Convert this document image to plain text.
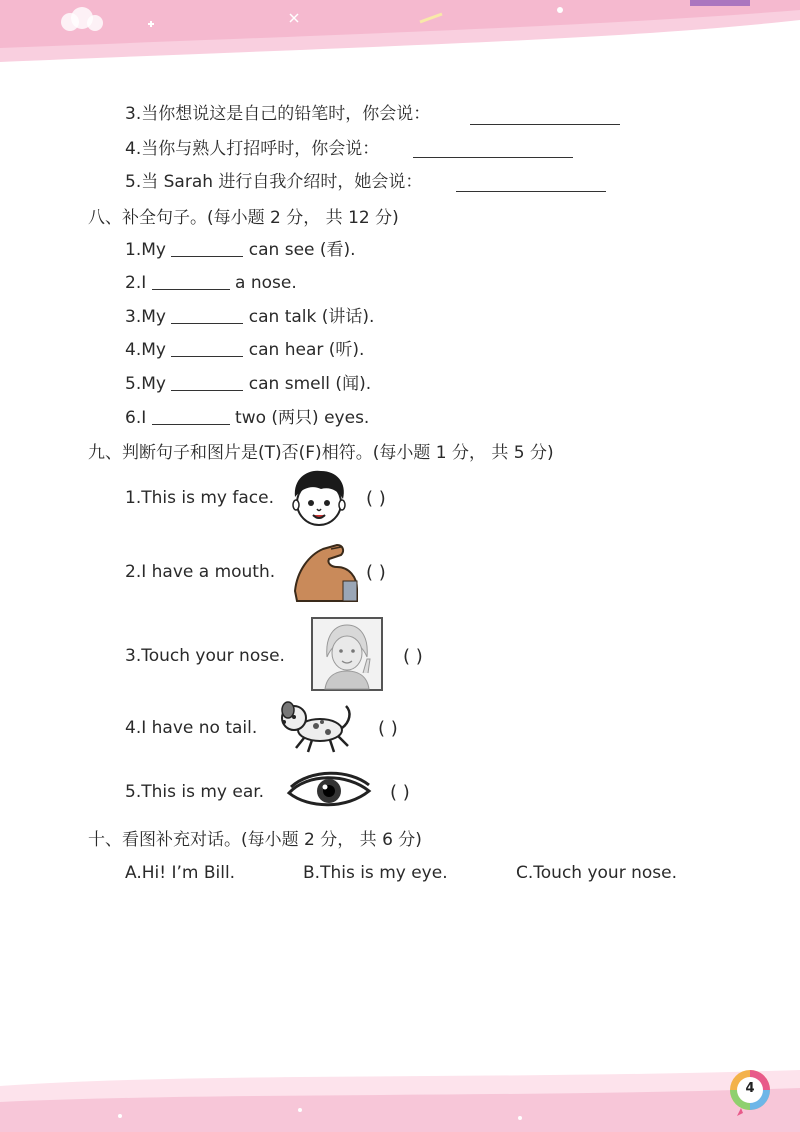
3.当你想说这是自己的铅笔时，你会说：
4.当你与熟人打招呼时，你会说：
5.当 Sarah 进行自我介绍时，她会说：
八、补全句子。(每小题 2 分， 共 12 分)
1.My	can see (看).
2.I	a nose.
3.My	can talk (讲话).
4.My	can hear (听).
5.My	can smell (闻).
6.I	two (两只) eyes.
九、判断句子和图片是(T)否(F)相符。(每小题 1 分， 共 5 分)
1.This is my face.	( )
2.I have a mouth.	( )
3.Touch your nose.	( )
4.I have no tail.	( )
5.This is my ear.	( )
十、看图补充对话。(每小题 2 分， 共 6 分)
A.Hi! I’m Bill.	B.This is my eye.	C.Touch your nose.
4
